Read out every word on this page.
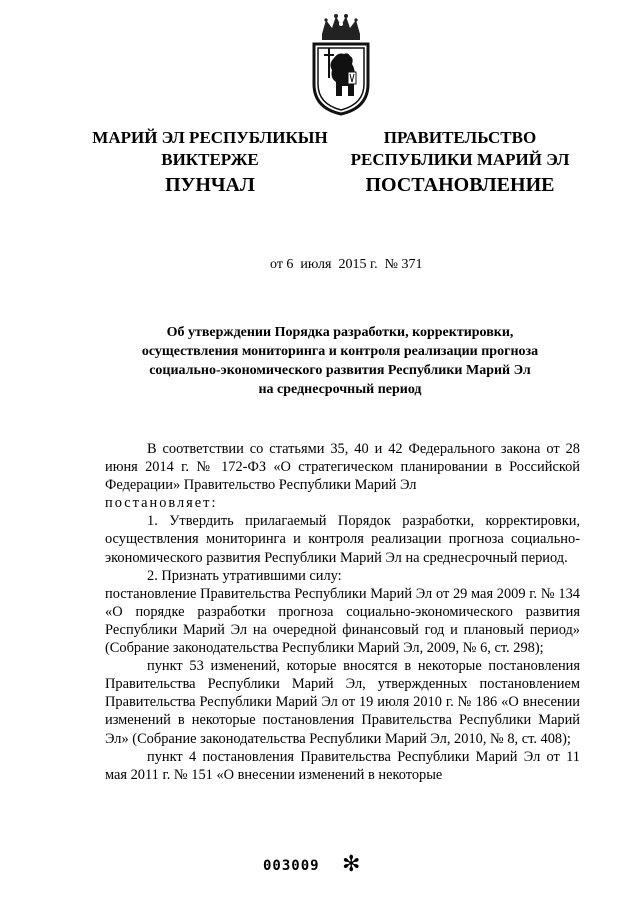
МАРИЙ ЭЛ РЕСПУБЛИКЫН
ВИКТЕРЖЕ
ПРАВИТЕЛЬСТВО
РЕСПУБЛИКИ МАРИЙ ЭЛ
ПУНЧАЛ	ПОСТАНОВЛЕНИЕ
от 6  июля  2015 г.  № 371
Об утверждении Порядка разработки, корректировки,
осуществления мониторинга и контроля реализации прогноза
социально-экономического развития Республики Марий Эл
на среднесрочный период

В соответствии со статьями 35, 40 и 42 Федерального закона от 28 июня 2014 г. № 172-ФЗ «О стратегическом планировании в Российской Федерации» Правительство Республики Марий Эл

постановляет:

1. Утвердить прилагаемый Порядок разработки, корректировки, осуществления мониторинга и контроля реализации прогноза социально-экономического развития Республики Марий Эл на среднесрочный период.

2. Признать утратившими силу:

постановление Правительства Республики Марий Эл от 29 мая 2009 г. № 134 «О порядке разработки прогноза социально-экономического развития Республики Марий Эл на очередной финансовый год и плановый период» (Собрание законодательства Республики Марий Эл, 2009, № 6, ст. 298);

пункт 53 изменений, которые вносятся в некоторые постановления Правительства Республики Марий Эл, утвержденных постановлением Правительства Республики Марий Эл от 19 июля 2010 г. № 186 «О внесении изменений в некоторые постановления Правительства Республики Марий Эл» (Собрание законодательства Республики Марий Эл, 2010, № 8, ст. 408);

пункт 4 постановления Правительства Республики Марий Эл от 11 мая 2011 г. № 151 «О внесении изменений в некоторые

003009 ✻
